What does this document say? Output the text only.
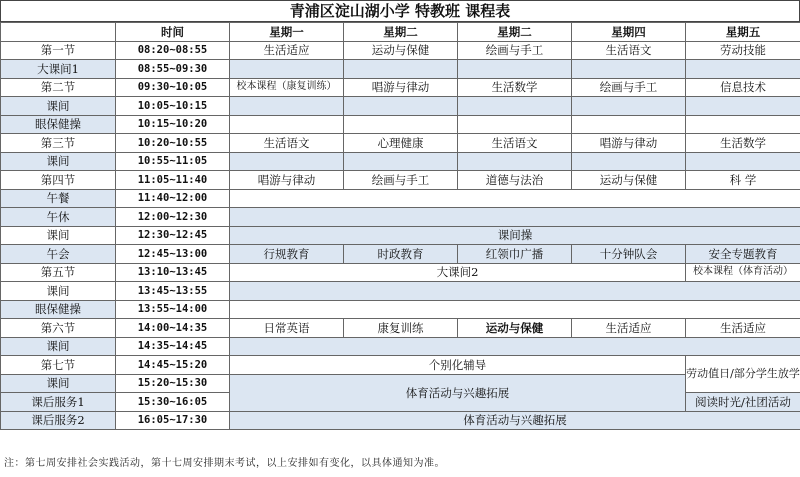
青浦区淀山湖小学 特教班 课程表
	时间	星期一	星期二	星期二	星期四	星期五
第一节	08:20~08:55	生活适应	运动与保健	绘画与手工	生活语文	劳动技能
大课间1	08:55~09:30					
第二节	09:30~10:05	校本课程（康复训练）	唱游与律动	生活数学	绘画与手工	信息技术
课间	10:05~10:15					
眼保健操	10:15~10:20					
第三节	10:20~10:55	生活语文	心理健康	生活语文	唱游与律动	生活数学
课间	10:55~11:05					
第四节	11:05~11:40	唱游与律动	绘画与手工	道德与法治	运动与保健	科 学
午餐	11:40~12:00					
午休	12:00~12:30					
课间	12:30~12:45	课间操				
午会	12:45~13:00	行规教育	时政教育	红领巾广播	十分钟队会	安全专题教育
第五节	13:10~13:45	大课间2				校本课程（体育活动）
课间	13:45~13:55					
眼保健操	13:55~14:00					
第六节	14:00~14:35	日常英语	康复训练	运动与保健	生活适应	生活适应
课间	14:35~14:45					
第七节	14:45~15:20	个别化辅导				劳动值日/部分学生放学
课间	15:20~15:30	体育活动与兴趣拓展				
课后服务1	15:30~16:05					阅读时光/社团活动
课后服务2	16:05~17:30	体育活动与兴趣拓展				
注：第七周安排社会实践活动，第十七周安排期末考试，以上安排如有变化，以具体通知为准。
